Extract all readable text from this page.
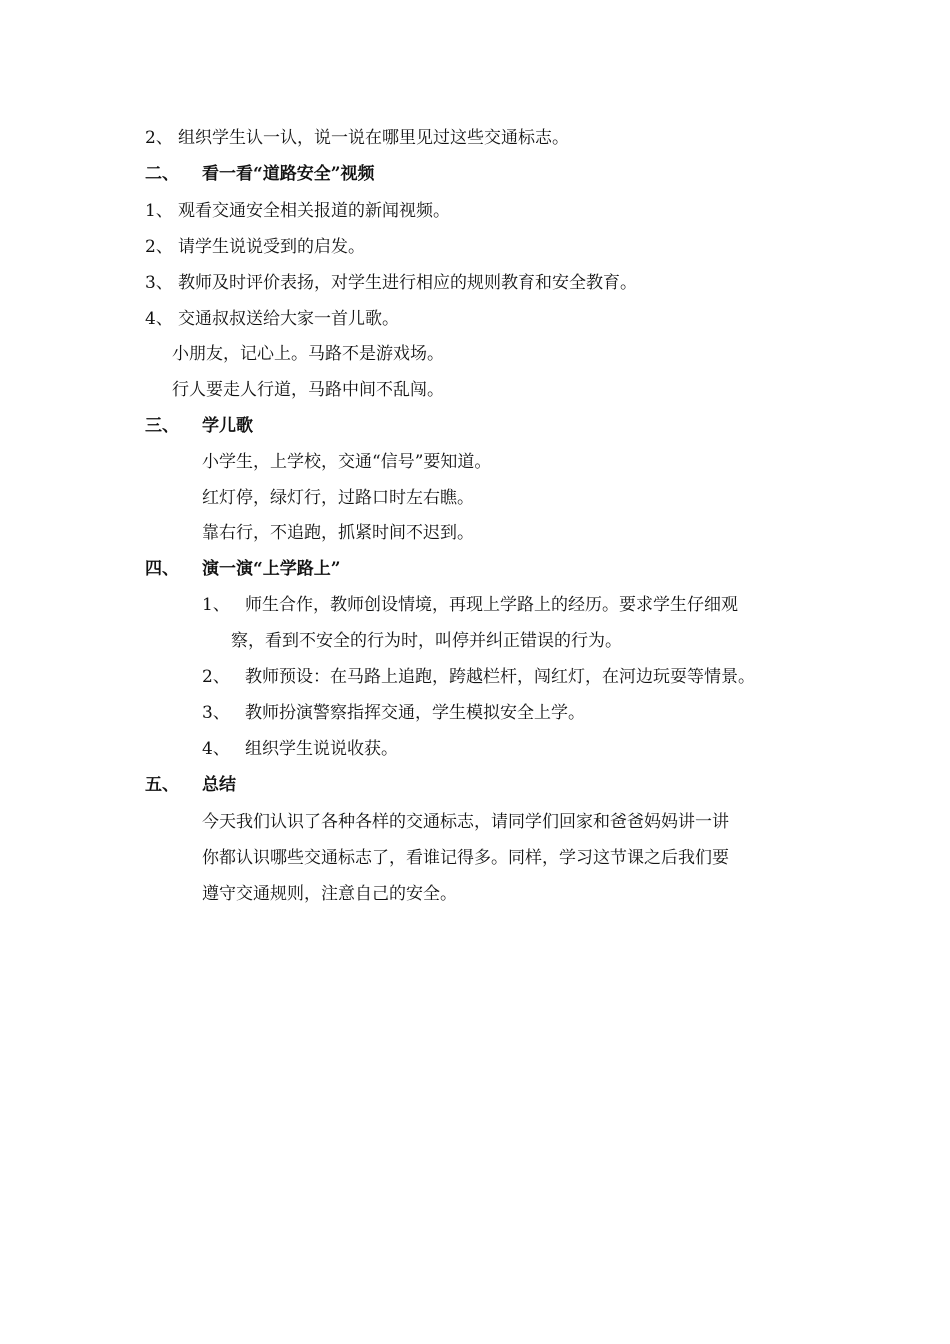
2、 组织学生认一认，说一说在哪里见过这些交通标志。
二、 看一看“道路安全”视频
1、 观看交通安全相关报道的新闻视频。
2、 请学生说说受到的启发。
3、 教师及时评价表扬，对学生进行相应的规则教育和安全教育。
4、 交通叔叔送给大家一首儿歌。
小朋友，记心上。马路不是游戏场。
行人要走人行道，马路中间不乱闯。
三、 学儿歌
小学生，上学校，交通“信号”要知道。
红灯停，绿灯行，过路口时左右瞧。
靠右行，不追跑，抓紧时间不迟到。
四、 演一演“上学路上”
1、 师生合作，教师创设情境，再现上学路上的经历。要求学生仔细观
察，看到不安全的行为时，叫停并纠正错误的行为。
2、 教师预设：在马路上追跑，跨越栏杆，闯红灯，在河边玩耍等情景。
3、 教师扮演警察指挥交通，学生模拟安全上学。
4、 组织学生说说收获。
五、 总结
今天我们认识了各种各样的交通标志，请同学们回家和爸爸妈妈讲一讲
你都认识哪些交通标志了，看谁记得多。同样，学习这节课之后我们要
遵守交通规则，注意自己的安全。
